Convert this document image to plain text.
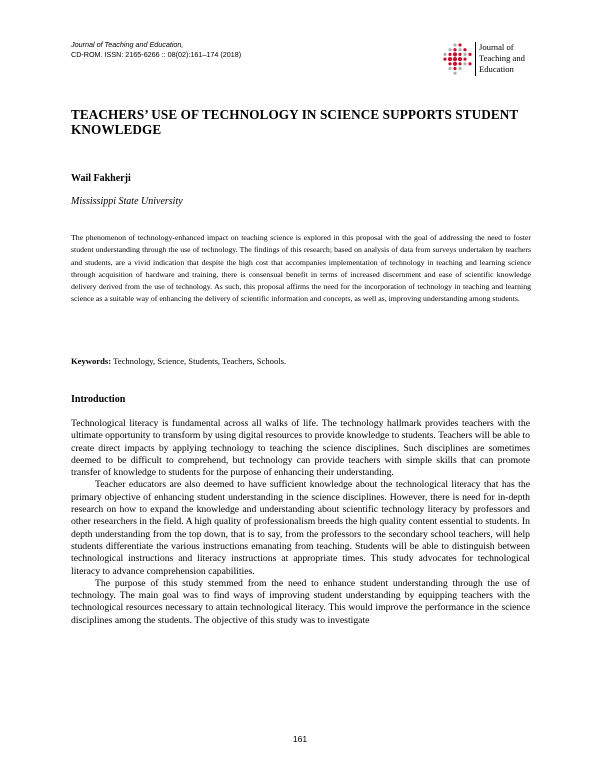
Journal of Teaching and Education,
CD-ROM. ISSN: 2165-6266 :: 08(02):161–174 (2018)
Journal of
Teaching and
Education
TEACHERS’ USE OF TECHNOLOGY IN SCIENCE SUPPORTS STUDENT KNOWLEDGE
Wail Fakherji
Mississippi State University
The phenomenon of technology-enhanced impact on teaching science is explored in this proposal with the goal of addressing the need to foster student understanding through the use of technology. The findings of this research; based on analysis of data from surveys undertaken by teachers and students, are a vivid indication that despite the high cost that accompanies implementation of technology in teaching and learning science through acquisition of hardware and training, there is consensual benefit in terms of increased discernment and ease of scientific knowledge delivery derived from the use of technology. As such, this proposal affirms the need for the incorporation of technology in teaching and learning science as a suitable way of enhancing the delivery of scientific information and concepts, as well as, improving understanding among students.
Keywords: Technology, Science, Students, Teachers, Schools.
Introduction

Technological literacy is fundamental across all walks of life. The technology hallmark provides teachers with the ultimate opportunity to transform by using digital resources to provide knowledge to students. Teachers will be able to create direct impacts by applying technology to teaching the science disciplines. Such disciplines are sometimes deemed to be difficult to comprehend, but technology can provide teachers with simple skills that can promote transfer of knowledge to students for the purpose of enhancing their understanding.

Teacher educators are also deemed to have sufficient knowledge about the technological literacy that has the primary objective of enhancing student understanding in the science disciplines. However, there is need for in-depth research on how to expand the knowledge and understanding about scientific technology literacy by professors and other researchers in the field. A high quality of professionalism breeds the high quality content essential to students. In depth understanding from the top down, that is to say, from the professors to the secondary school teachers, will help students differentiate the various instructions emanating from teaching. Students will be able to distinguish between technological instructions and literacy instructions at appropriate times. This study advocates for technological literacy to advance comprehension capabilities.

The purpose of this study stemmed from the need to enhance student understanding through the use of technology. The main goal was to find ways of improving student understanding by equipping teachers with the technological resources necessary to attain technological literacy. This would improve the performance in the science disciplines among the students. The objective of this study was to investigate

161
